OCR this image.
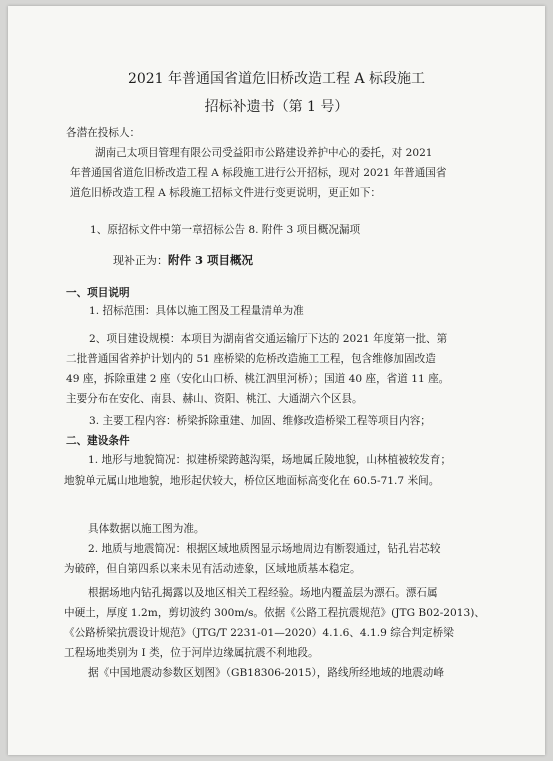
2021 年普通国省道危旧桥改造工程 A 标段施工
招标补遗书（第 1 号）
各潜在投标人：
湖南己太项目管理有限公司受益阳市公路建设养护中心的委托，对 2021
年普通国省道危旧桥改造工程 A 标段施工进行公开招标，现对 2021 年普通国省
道危旧桥改造工程 A 标段施工招标文件进行变更说明，更正如下：
1、原招标文件中第一章招标公告 8. 附件 3 项目概况漏项
现补正为：附件 3 项目概况
一、项目说明
1. 招标范围：具体以施工图及工程量清单为准
2、项目建设规模：本项目为湖南省交通运输厅下达的 2021 年度第一批、第
二批普通国省养护计划内的 51 座桥梁的危桥改造施工工程，包含维修加固改造
49 座，拆除重建 2 座（安化山口桥、桃江泗里河桥）；国道 40 座，省道 11 座。
主要分布在安化、南县、赫山、资阳、桃江、大通湖六个区县。
3. 主要工程内容：桥梁拆除重建、加固、维修改造桥梁工程等项目内容；
二、建设条件
1. 地形与地貌简况：拟建桥梁跨越沟渠，场地属丘陵地貌，山林植被较发育；
地貌单元属山地地貌，地形起伏较大，桥位区地面标高变化在 60.5-71.7 米间。
具体数据以施工图为准。
2. 地质与地震简况：根据区域地质图显示场地周边有断裂通过，钻孔岩芯较
为破碎，但自第四系以来未见有活动迹象，区域地质基本稳定。
根据场地内钻孔揭露以及地区相关工程经验。场地内覆盖层为漂石。漂石属
中硬土，厚度 1.2m，剪切波约 300m/s。依据《公路工程抗震规范》(JTG B02-2013)、
《公路桥梁抗震设计规范》（JTG/T 2231-01—2020）4.1.6、4.1.9 综合判定桥梁
工程场地类别为 I 类，位于河岸边缘属抗震不利地段。
据《中国地震动参数区划图》（GB18306-2015），路线所经地域的地震动峰
